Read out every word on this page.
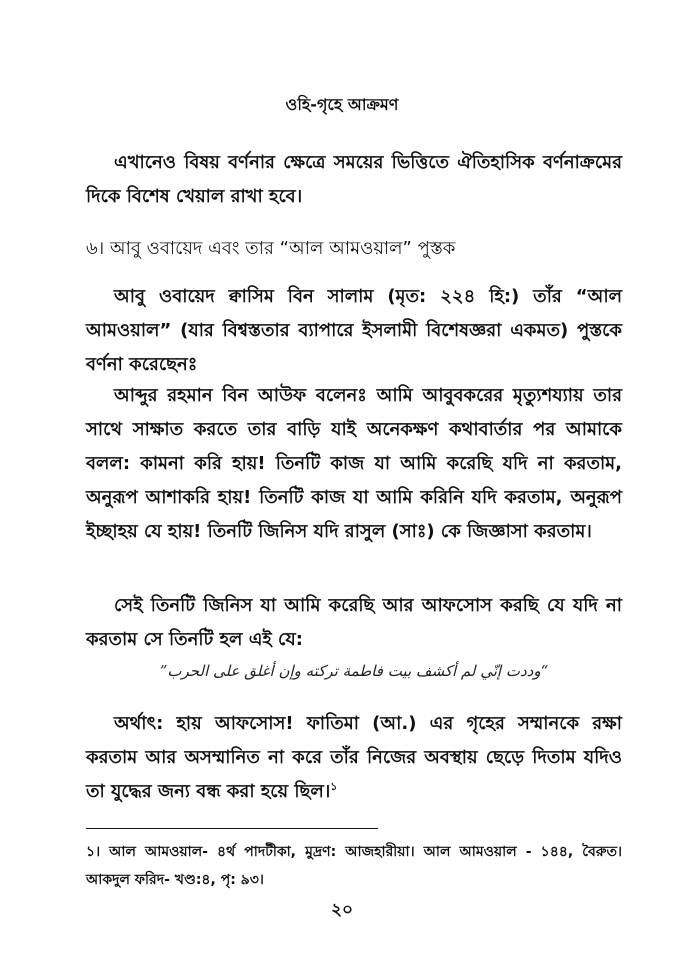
ওহি-গৃহে আক্রমণ
এখানেও বিষয় বর্ণনার ক্ষেত্রে সময়ের ভিত্তিতে ঐতিহাসিক বর্ণনাক্রমের দিকে বিশেষ খেয়াল রাখা হবে।
৬। আবু ওবায়েদ এবং তার “আল আমওয়াল” পুস্তক
আবু ওবায়েদ ক্বাসিম বিন সালাম (মৃত: ২২৪ হি:) তাঁর “আল আমওয়াল” (যার বিশ্বস্ততার ব্যাপারে ইসলামী বিশেষজ্ঞরা একমত) পুস্তকে বর্ণনা করেছেনঃ
আব্দুর রহমান বিন আউফ বলেনঃ আমি আবুবকরের মৃত্যুশয্যায় তার সাথে সাক্ষাত করতে তার বাড়ি যাই অনেকক্ষণ কথাবার্তার পর আমাকে বলল: কামনা করি হায়! তিনটি কাজ যা আমি করেছি যদি না করতাম, অনুরূপ আশাকরি হায়! তিনটি কাজ যা আমি করিনি যদি করতাম, অনুরূপ ইচ্ছাহয় যে হায়! তিনটি জিনিস যদি রাসুল (সাঃ) কে জিজ্ঞাসা করতাম।
সেই তিনটি জিনিস যা আমি করেছি আর আফসোস করছি যে যদি না করতাম সে তিনটি হল এই যে:
“وددت إنّي لم أكشف بيت فاطمة تركته وإن أغلق على الحرب”
অর্থাৎ: হায় আফসোস! ফাতিমা (আ.) এর গৃহের সম্মানকে রক্ষা করতাম আর অসম্মানিত না করে তাঁর নিজের অবস্থায় ছেড়ে দিতাম যদিও তা যুদ্ধের জন্য বন্ধ করা হয়ে ছিল।$^১$
১। আল আমওয়াল- ৪র্থ পাদটীকা, মুদ্রণ: আজহারীয়া। আল আমওয়াল - ১৪৪, বৈরুত। আকদুল ফরিদ- খণ্ড:৪, পৃ: ৯৩।
২০
